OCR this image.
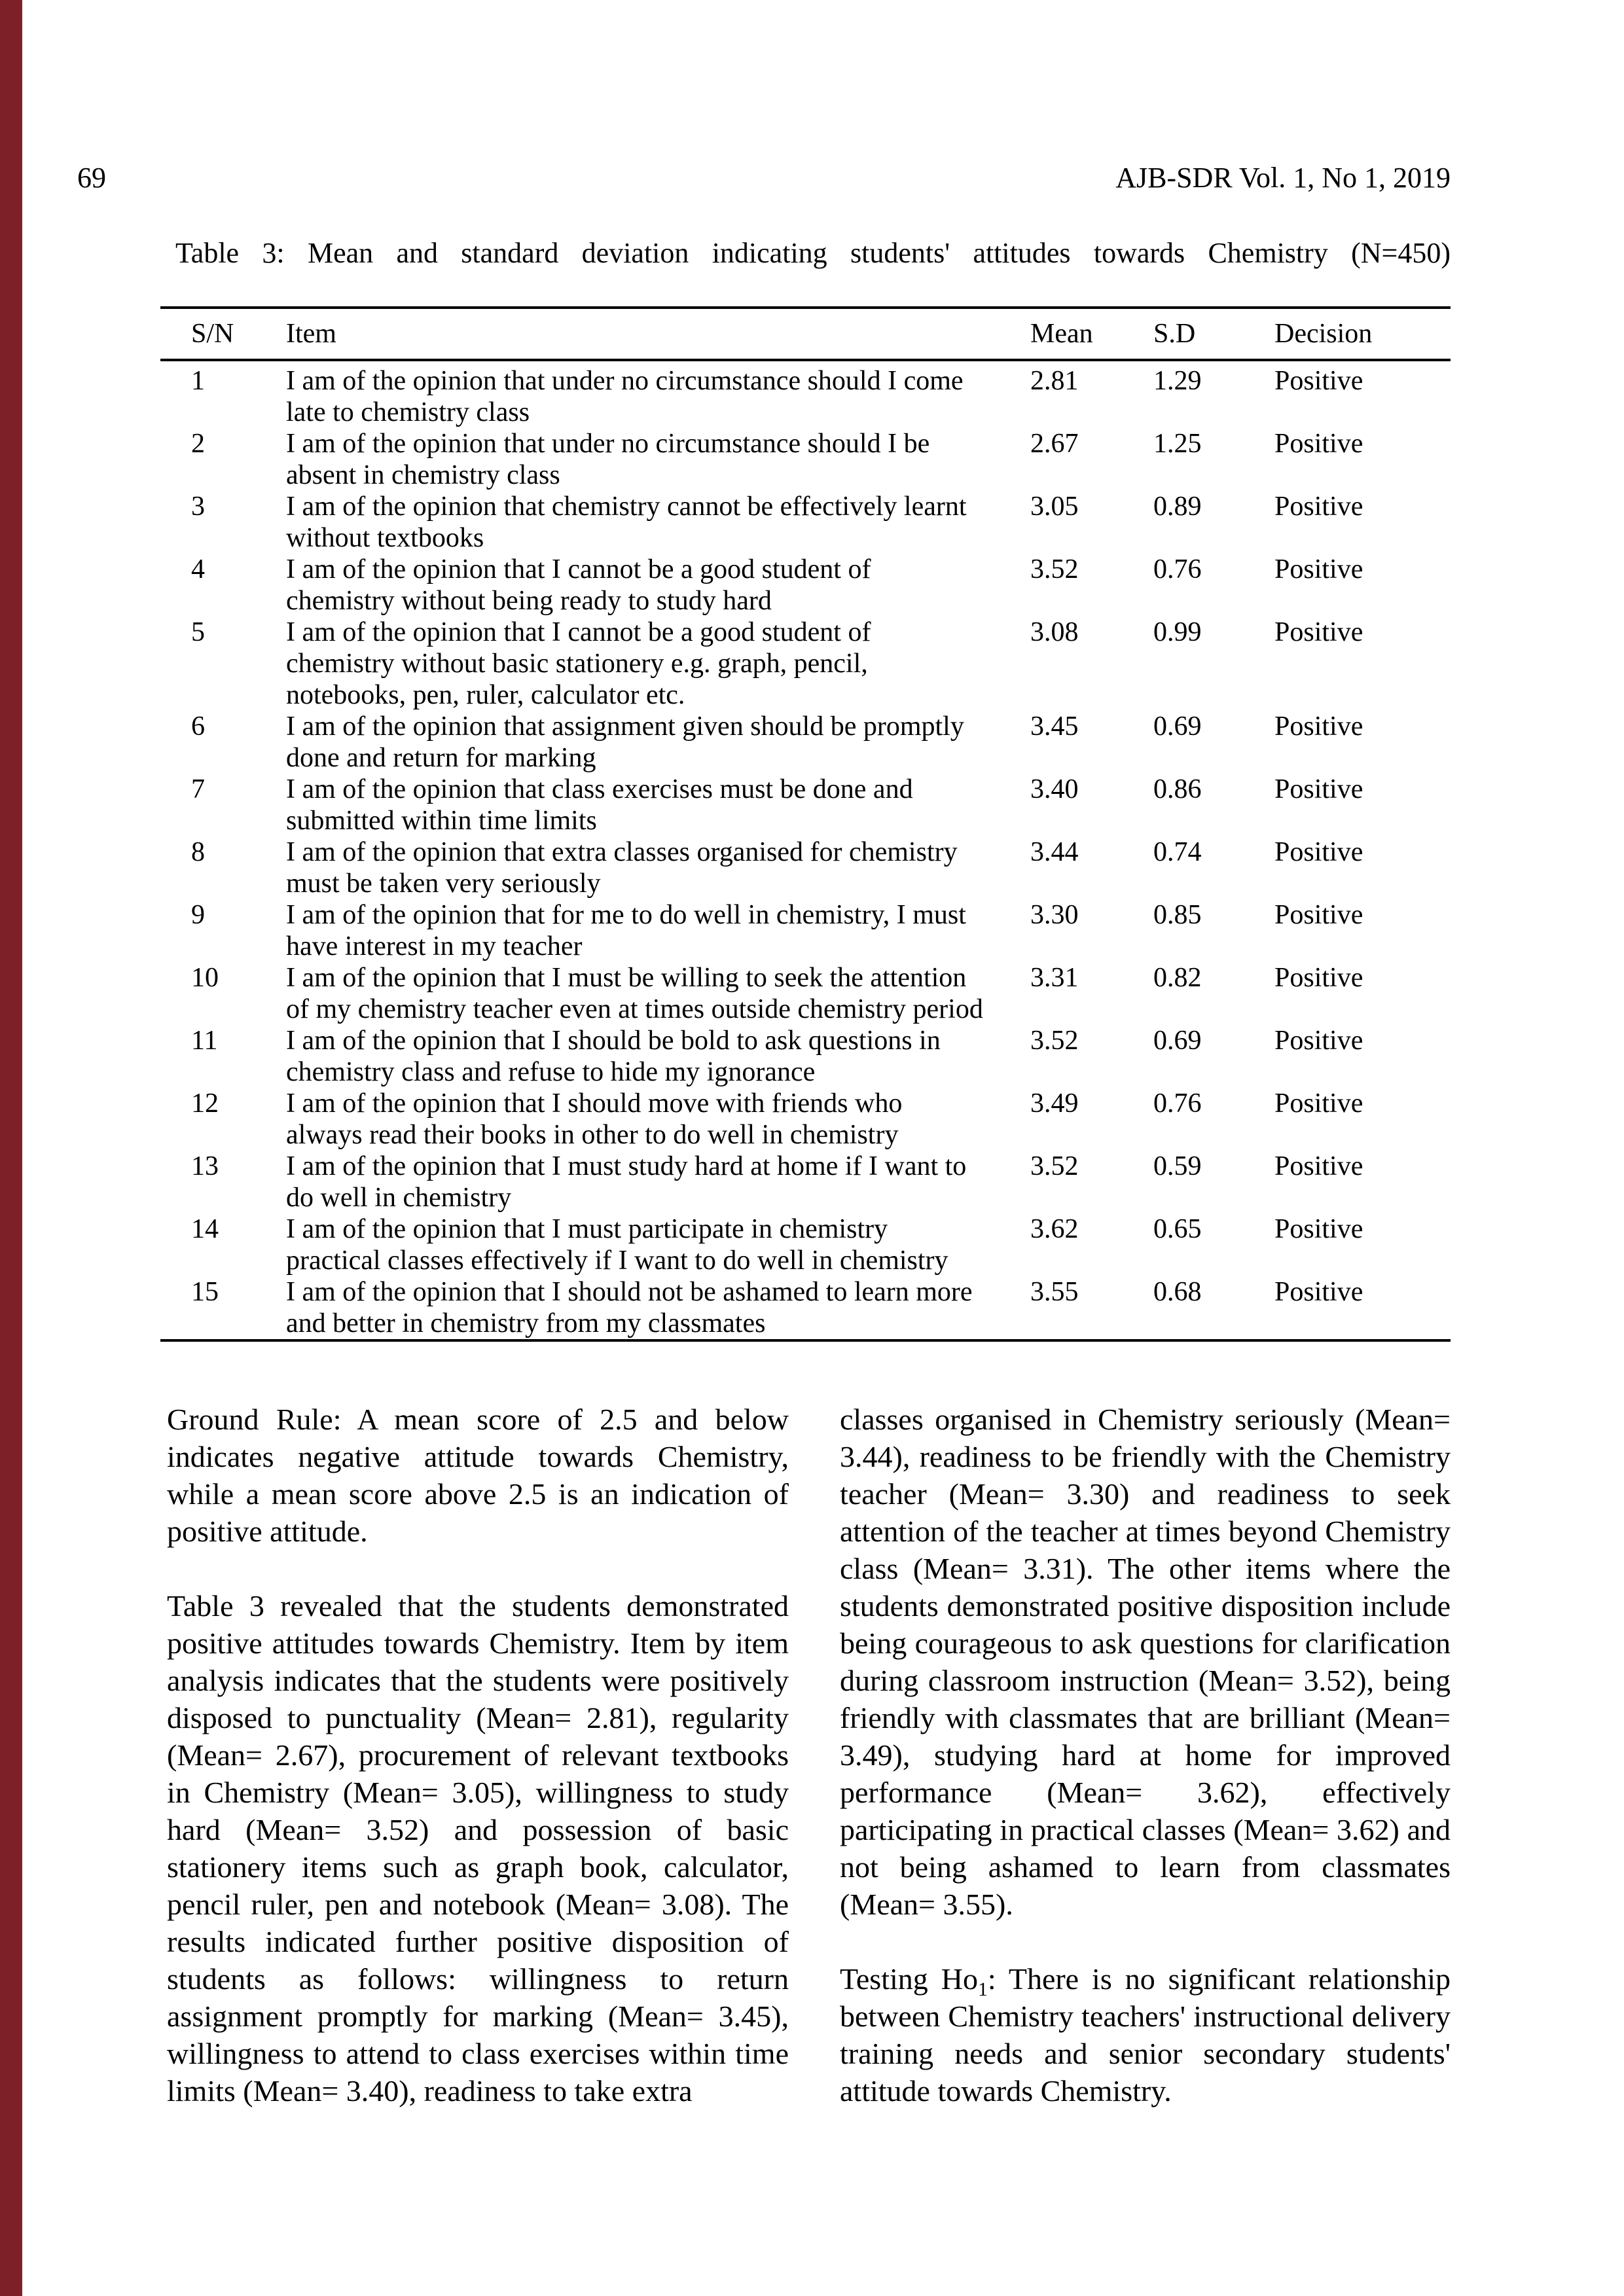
69	AJB-SDR Vol. 1, No 1, 2019
Table 3: Mean and standard deviation indicating students' attitudes towards Chemistry (N=450)
S/N	Item	Mean	S.D	Decision
1	I am of the opinion that under no circumstance should I come late to chemistry class	2.81	1.29	Positive
2	I am of the opinion that under no circumstance should I be absent in chemistry class	2.67	1.25	Positive
3	I am of the opinion that chemistry cannot be effectively learnt without textbooks	3.05	0.89	Positive
4	I am of the opinion that I cannot be a good student of chemistry without being ready to study hard	3.52	0.76	Positive
5	I am of the opinion that I cannot be a good student of chemistry without basic stationery e.g. graph, pencil, notebooks, pen, ruler, calculator etc.	3.08	0.99	Positive
6	I am of the opinion that assignment given should be promptly done and return for marking	3.45	0.69	Positive
7	I am of the opinion that class exercises must be done and submitted within time limits	3.40	0.86	Positive
8	I am of the opinion that extra classes organised for chemistry must be taken very seriously	3.44	0.74	Positive
9	I am of the opinion that for me to do well in chemistry, I must have interest in my teacher	3.30	0.85	Positive
10	I am of the opinion that I must be willing to seek the attention of my chemistry teacher even at times outside chemistry period	3.31	0.82	Positive
11	I am of the opinion that I should be bold to ask questions in chemistry class and refuse to hide my ignorance	3.52	0.69	Positive
12	I am of the opinion that I should move with friends who always read their books in other to do well in chemistry	3.49	0.76	Positive
13	I am of the opinion that I must study hard at home if I want to do well in chemistry	3.52	0.59	Positive
14	I am of the opinion that I must participate in chemistry practical classes effectively if I want to do well in chemistry	3.62	0.65	Positive
15	I am of the opinion that I should not be ashamed to learn more and better in chemistry from my classmates	3.55	0.68	Positive

Ground Rule: A mean score of 2.5 and below indicates negative attitude towards Chemistry, while a mean score above 2.5 is an indication of positive attitude.

Table 3 revealed that the students demonstrated positive attitudes towards Chemistry. Item by item analysis indicates that the students were positively disposed to punctuality (Mean= 2.81), regularity (Mean= 2.67), procurement of relevant textbooks in Chemistry (Mean= 3.05), willingness to study hard (Mean= 3.52) and possession of basic stationery items such as graph book, calculator, pencil ruler, pen and notebook (Mean= 3.08). The results indicated further positive disposition of students as follows: willingness to return assignment promptly for marking (Mean= 3.45), willingness to attend to class exercises within time limits (Mean= 3.40), readiness to take extra

classes organised in Chemistry seriously (Mean= 3.44), readiness to be friendly with the Chemistry teacher (Mean= 3.30) and readiness to seek attention of the teacher at times beyond Chemistry class (Mean= 3.31). The other items where the students demonstrated positive disposition include being courageous to ask questions for clarification during classroom instruction (Mean= 3.52), being friendly with classmates that are brilliant (Mean= 3.49), studying hard at home for improved performance (Mean= 3.62), effectively participating in practical classes (Mean= 3.62) and not being ashamed to learn from classmates (Mean= 3.55).

Testing $Ho_1$: There is no significant relationship between Chemistry teachers' instructional delivery training needs and senior secondary students' attitude towards Chemistry.
